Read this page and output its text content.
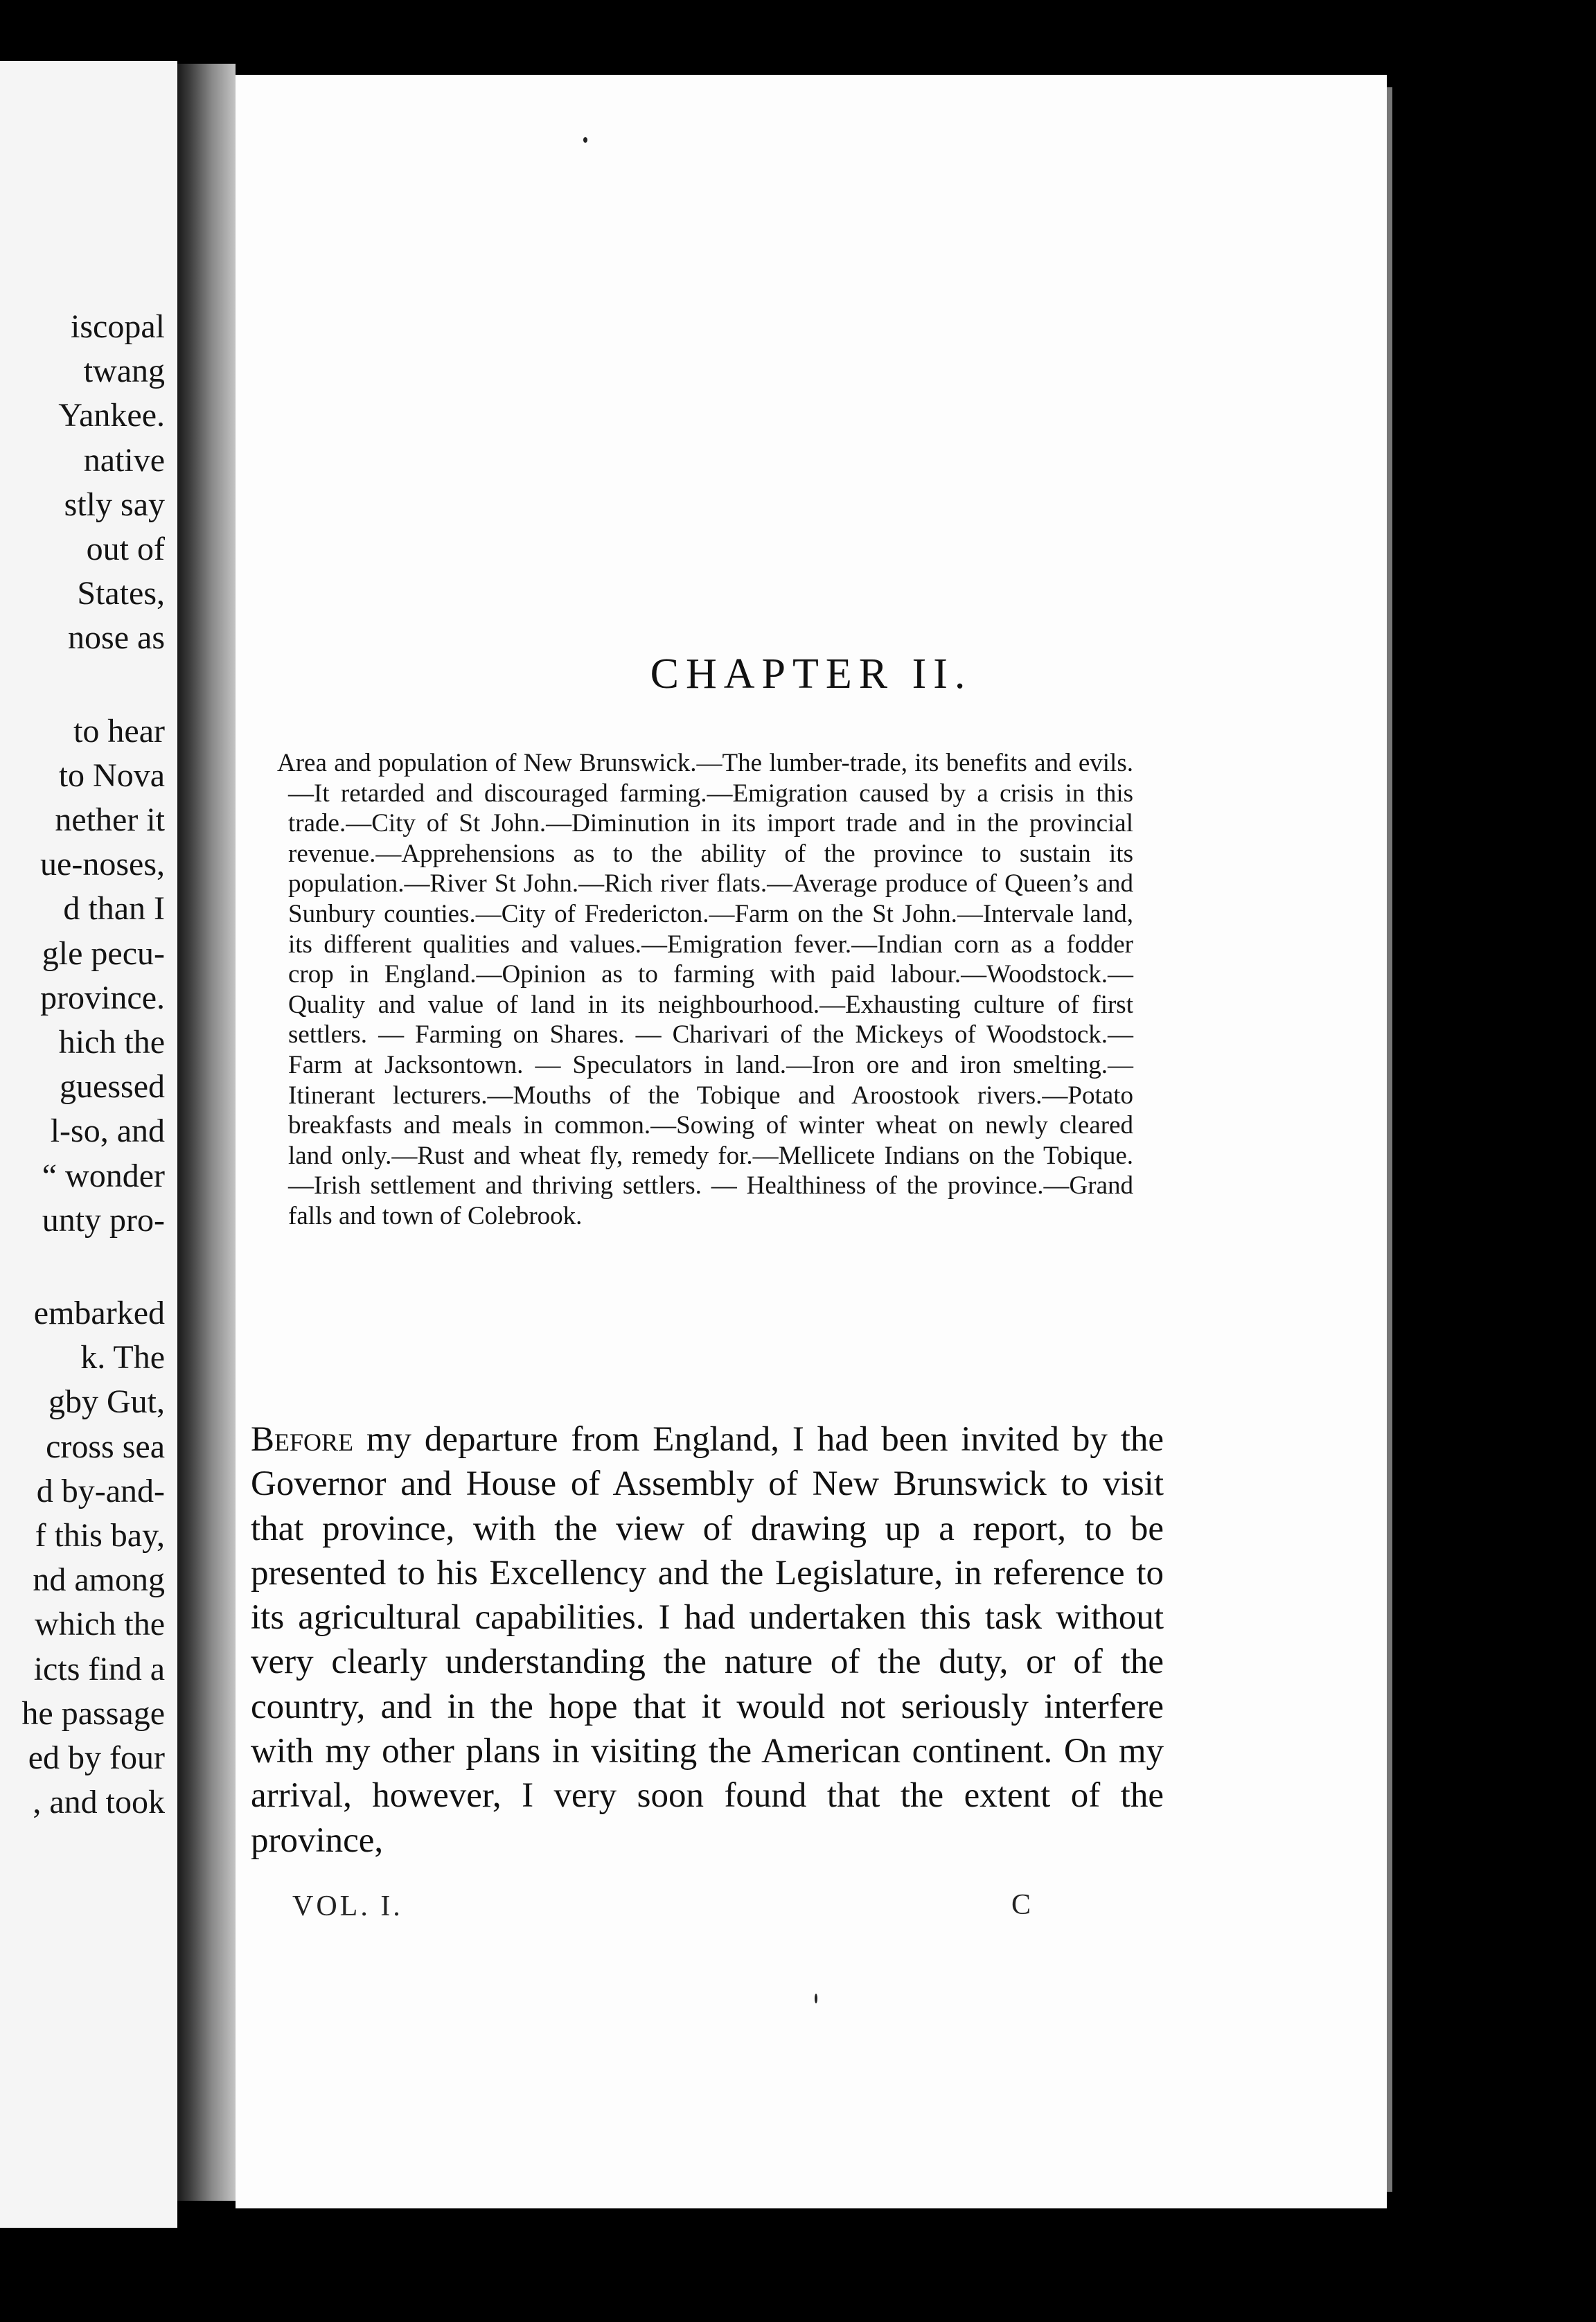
iscopal
twang
Yankee.
native
stly say
out of
States,
nose as
to hear
to Nova
nether it
ue-noses,
d than I
gle pecu-
province.
hich the
guessed
l-so, and
“ wonder
unty pro-
embarked
k. The
gby Gut,
cross sea
d by-and-
f this bay,
nd among
which the
icts find a
he passage
ed by four
, and took
CHAPTER II.

Area and population of New Brunswick.—The lumber-trade, its benefits and evils.—It retarded and discouraged farming.—Emigration caused by a crisis in this trade.—City of St John.—Diminution in its import trade and in the provincial revenue.—Apprehensions as to the ability of the province to sustain its population.—River St John.—Rich river flats.—Average produce of Queen’s and Sunbury counties.—City of Fredericton.—Farm on the St John.—Intervale land, its different qualities and values.—Emigration fever.—Indian corn as a fodder crop in England.—Opinion as to farming with paid labour.—Woodstock.—Quality and value of land in its neighbourhood.—Exhausting culture of first settlers. — Farming on Shares. — Charivari of the Mickeys of Woodstock.— Farm at Jacksontown. — Speculators in land.—Iron ore and iron smelting.—Itinerant lecturers.—Mouths of the Tobique and Aroostook rivers.—Potato breakfasts and meals in common.—Sowing of winter wheat on newly cleared land only.—Rust and wheat fly, remedy for.—Mellicete Indians on the Tobique. —Irish settlement and thriving settlers. — Healthiness of the province.—Grand falls and town of Colebrook.

Before my departure from England, I had been invited by the Governor and House of Assembly of New Brunswick to visit that province, with the view of drawing up a report, to be presented to his Excellency and the Legislature, in reference to its agricultural capabilities. I had undertaken this task without very clearly understanding the nature of the duty, or of the country, and in the hope that it would not seriously interfere with my other plans in visiting the American continent. On my arrival, however, I very soon found that the extent of the province,

VOL. I.	C
